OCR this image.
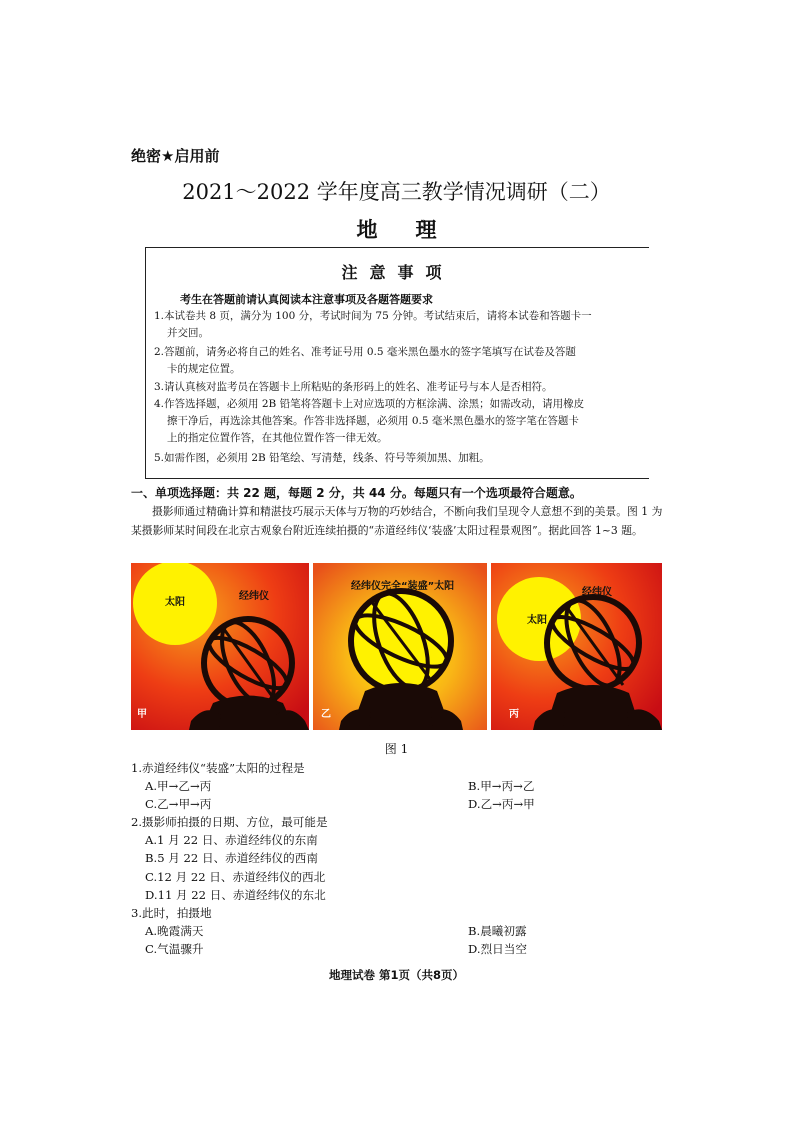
绝密★启用前
2021～2022 学年度高三教学情况调研（二）
地理
注意事项
考生在答题前请认真阅读本注意事项及各题答题要求
1.本试卷共 8 页，满分为 100 分，考试时间为 75 分钟。考试结束后，请将本试卷和答题卡一
并交回。
2.答题前，请务必将自己的姓名、准考证号用 0.5 毫米黑色墨水的签字笔填写在试卷及答题
卡的规定位置。
3.请认真核对监考员在答题卡上所粘贴的条形码上的姓名、准考证号与本人是否相符。
4.作答选择题，必须用 2B 铅笔将答题卡上对应选项的方框涂满、涂黑；如需改动，请用橡皮
擦干净后，再选涂其他答案。作答非选择题，必须用 0.5 毫米黑色墨水的签字笔在答题卡
上的指定位置作答，在其他位置作答一律无效。
5.如需作图，必须用 2B 铅笔绘、写清楚，线条、符号等须加黑、加粗。
一、单项选择题：共 22 题，每题 2 分，共 44 分。每题只有一个选项最符合题意。
摄影师通过精确计算和精湛技巧展示天体与万物的巧妙结合，不断向我们呈现令人意想不到的美景。图 1 为某摄影师某时间段在北京古观象台附近连续拍摄的“赤道经纬仪‘装盛’太阳过程景观图”。据此回答 1~3 题。
太阳
经纬仪
甲
经纬仪完全“装盛”太阳
乙
太阳
经纬仪
丙
图 1
1.赤道经纬仪“装盛”太阳的过程是
A.甲→乙→丙	B.甲→丙→乙
C.乙→甲→丙	D.乙→丙→甲
2.摄影师拍摄的日期、方位，最可能是
A.1 月 22 日、赤道经纬仪的东南
B.5 月 22 日、赤道经纬仪的西南
C.12 月 22 日、赤道经纬仪的西北
D.11 月 22 日、赤道经纬仪的东北
3.此时，拍摄地
A.晚霞满天	B.晨曦初露
C.气温骤升	D.烈日当空
地理试卷 第1页（共8页）
